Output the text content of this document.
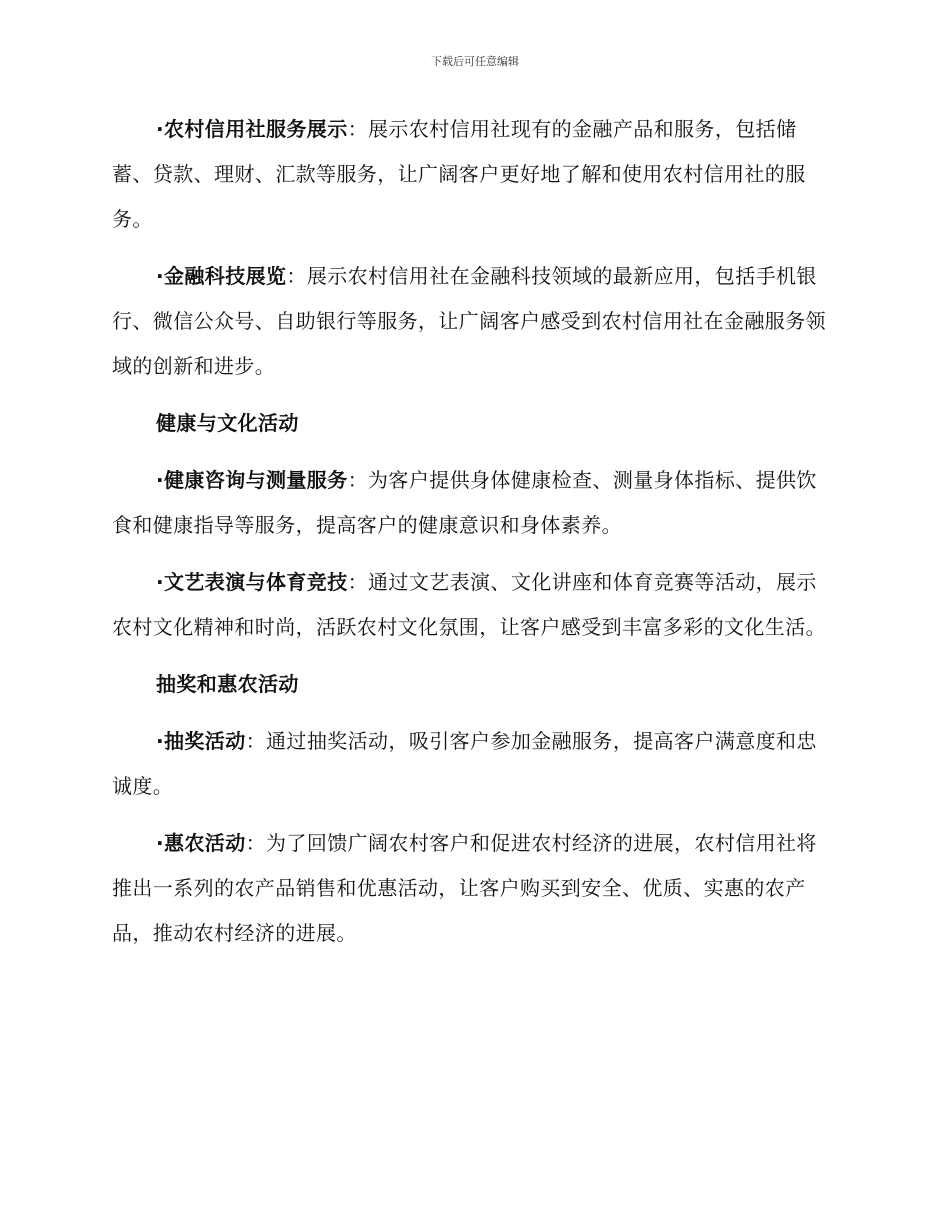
下载后可任意编辑

·农村信用社服务展示：展示农村信用社现有的金融产品和服务，包括储蓄、贷款、理财、汇款等服务，让广阔客户更好地了解和使用农村信用社的服务。

·金融科技展览：展示农村信用社在金融科技领域的最新应用，包括手机银行、微信公众号、自助银行等服务，让广阔客户感受到农村信用社在金融服务领域的创新和进步。

健康与文化活动

·健康咨询与测量服务：为客户提供身体健康检查、测量身体指标、提供饮食和健康指导等服务，提高客户的健康意识和身体素养。

·文艺表演与体育竞技：通过文艺表演、文化讲座和体育竞赛等活动，展示农村文化精神和时尚，活跃农村文化氛围，让客户感受到丰富多彩的文化生活。

抽奖和惠农活动

·抽奖活动：通过抽奖活动，吸引客户参加金融服务，提高客户满意度和忠诚度。

·惠农活动：为了回馈广阔农村客户和促进农村经济的进展，农村信用社将推出一系列的农产品销售和优惠活动，让客户购买到安全、优质、实惠的农产品，推动农村经济的进展。
